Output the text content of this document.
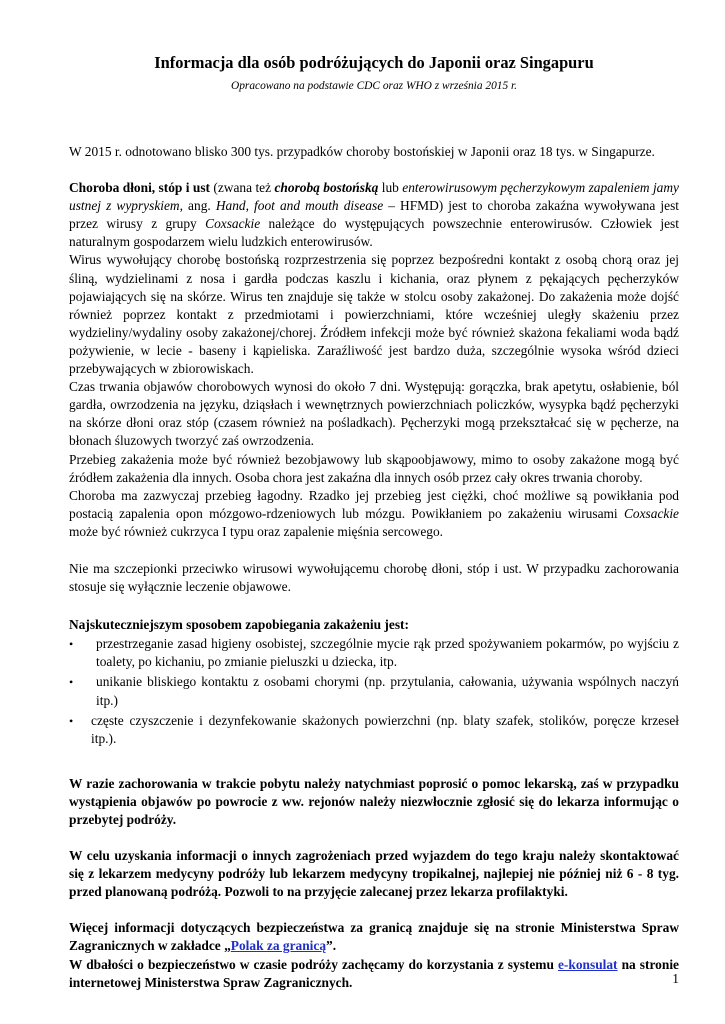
Informacja dla osób podróżujących do Japonii oraz Singapuru

Opracowano na podstawie CDC oraz WHO z września 2015 r.

W 2015 r. odnotowano blisko 300 tys. przypadków choroby bostońskiej w Japonii oraz 18 tys. w Singapurze.

Choroba dłoni, stóp i ust (zwana też chorobą bostońską lub enterowirusowym pęcherzykowym zapaleniem jamy ustnej z wypryskiem, ang. Hand, foot and mouth disease – HFMD) jest to choroba zakaźna wywoływana jest przez wirusy z grupy Coxsackie należące do występujących powszechnie enterowirusów. Człowiek jest naturalnym gospodarzem wielu ludzkich enterowirusów.

Wirus wywołujący chorobę bostońską rozprzestrzenia się poprzez bezpośredni kontakt z osobą chorą oraz jej śliną, wydzielinami z nosa i gardła podczas kaszlu i kichania, oraz płynem z pękających pęcherzyków pojawiających się na skórze. Wirus ten znajduje się także w stolcu osoby zakażonej. Do zakażenia może dojść również poprzez kontakt z przedmiotami i powierzchniami, które wcześniej uległy skażeniu przez wydzieliny/wydaliny osoby zakażonej/chorej. Źródłem infekcji może być również skażona fekaliami woda bądź pożywienie, w lecie - baseny i kąpieliska. Zaraźliwość jest bardzo duża, szczególnie wysoka wśród dzieci przebywających w zbiorowiskach.

Czas trwania objawów chorobowych wynosi do około 7 dni. Występują: gorączka, brak apetytu, osłabienie, ból gardła, owrzodzenia na języku, dziąsłach i wewnętrznych powierzchniach policzków, wysypka bądź pęcherzyki na skórze dłoni oraz stóp (czasem również na pośladkach). Pęcherzyki mogą przekształcać się w pęcherze, na błonach śluzowych tworzyć zaś owrzodzenia.

Przebieg zakażenia może być również bezobjawowy lub skąpoobjawowy, mimo to osoby zakażone mogą być źródłem zakażenia dla innych. Osoba chora jest zakaźna dla innych osób przez cały okres trwania choroby.

Choroba ma zazwyczaj przebieg łagodny. Rzadko jej przebieg jest ciężki, choć możliwe są powikłania pod postacią zapalenia opon mózgowo-rdzeniowych lub mózgu. Powikłaniem po zakażeniu wirusami Coxsackie może być również cukrzyca I typu oraz zapalenie mięśnia sercowego.

Nie ma szczepionki przeciwko wirusowi wywołującemu chorobę dłoni, stóp i ust. W przypadku zachorowania stosuje się wyłącznie leczenie objawowe.

Najskuteczniejszym sposobem zapobiegania zakażeniu jest:

• przestrzeganie zasad higieny osobistej, szczególnie mycie rąk przed spożywaniem pokarmów, po wyjściu z toalety, po kichaniu, po zmianie pieluszki u dziecka, itp.
• unikanie bliskiego kontaktu z osobami chorymi (np. przytulania, całowania, używania wspólnych naczyń itp.)
• częste czyszczenie i dezynfekowanie skażonych powierzchni (np. blaty szafek, stolików, poręcze krzeseł itp.).

W razie zachorowania w trakcie pobytu należy natychmiast poprosić o pomoc lekarską, zaś w przypadku wystąpienia objawów po powrocie z ww. rejonów należy niezwłocznie zgłosić się do lekarza informując o przebytej podróży.

W celu uzyskania informacji o innych zagrożeniach przed wyjazdem do tego kraju należy skontaktować się z lekarzem medycyny podróży lub lekarzem medycyny tropikalnej, najlepiej nie później niż 6 - 8 tyg. przed planowaną podróżą. Pozwoli to na przyjęcie zalecanej przez lekarza profilaktyki.

Więcej informacji dotyczących bezpieczeństwa za granicą znajduje się na stronie Ministerstwa Spraw Zagranicznych w zakładce „Polak za granicą”.

W dbałości o bezpieczeństwo w czasie podróży zachęcamy do korzystania z systemu e-konsulat na stronie internetowej Ministerstwa Spraw Zagranicznych.	1
